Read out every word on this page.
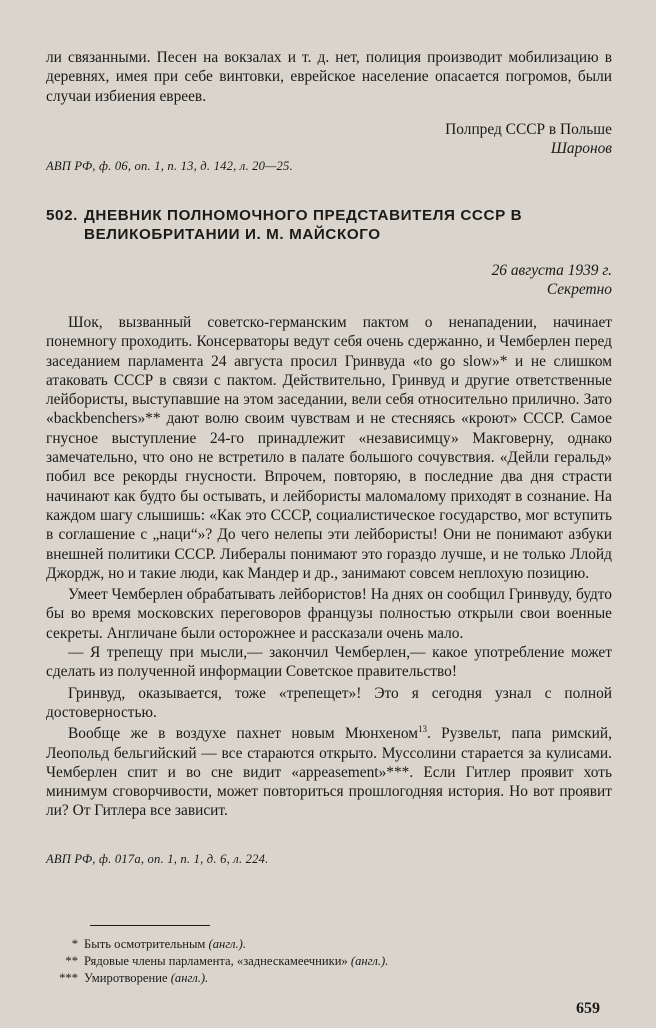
ли связанными. Песен на вокзалах и т. д. нет, полиция производит мобилизацию в деревнях, имея при себе винтовки, еврейское население опасается погромов, были случаи избиения евреев.

Полпред СССР в Польше

Шаронов

АВП РФ, ф. 06, оп. 1, п. 13, д. 142, л. 20—25.

502. ДНЕВНИК ПОЛНОМОЧНОГО ПРЕДСТАВИТЕЛЯ СССР В
ВЕЛИКОБРИТАНИИ И. М. МАЙСКОГО

26 августа 1939 г.

Секретно

Шок, вызванный советско-германским пактом о ненападении, начинает понемногу проходить. Консерваторы ведут себя очень сдержанно, и Чемберлен перед заседанием парламента 24 августа просил Гринвуда «to go slow»* и не слишком атаковать СССР в связи с пактом. Действительно, Гринвуд и другие ответственные лейбористы, выступавшие на этом заседании, вели себя относительно прилично. Зато «backbenchers»** дают волю своим чувствам и не стесняясь «кроют» СССР. Самое гнусное выступление 24-го принадлежит «независимцу» Макговерну, однако замечательно, что оно не встретило в палате большого сочувствия. «Дейли геральд» побил все рекорды гнусности. Впрочем, повторяю, в последние два дня страсти начинают как будто бы остывать, и лейбористы маломалому приходят в сознание. На каждом шагу слышишь: «Как это СССР, социалистическое государство, мог вступить в соглашение с „наци“»? До чего нелепы эти лейбористы! Они не понимают азбуки внешней политики СССР. Либералы понимают это гораздо лучше, и не только Ллойд Джордж, но и такие люди, как Мандер и др., занимают совсем неплохую позицию.

Умеет Чемберлен обрабатывать лейбористов! На днях он сообщил Гринвуду, будто бы во время московских переговоров французы полностью открыли свои военные секреты. Англичане были осторожнее и рассказали очень мало.

— Я трепещу при мысли,— закончил Чемберлен,— какое употребление может сделать из полученной информации Советское правительство!

Гринвуд, оказывается, тоже «трепещет»! Это я сегодня узнал с полной достоверностью.

Вообще же в воздухе пахнет новым Мюнхеном$^{13}$. Рузвельт, папа римский, Леопольд бельгийский — все стараются открыто. Муссолини старается за кулисами. Чемберлен спит и во сне видит «appeasement»***. Если Гитлер проявит хоть минимум сговорчивости, может повториться прошлогодняя история. Но вот проявит ли? От Гитлера все зависит.

АВП РФ, ф. 017а, оп. 1, п. 1, д. 6, л. 224.

* Быть осмотрительным (англ.).
** Рядовые члены парламента, «заднескамеечники» (англ.).
*** Умиротворение (англ.).
659
